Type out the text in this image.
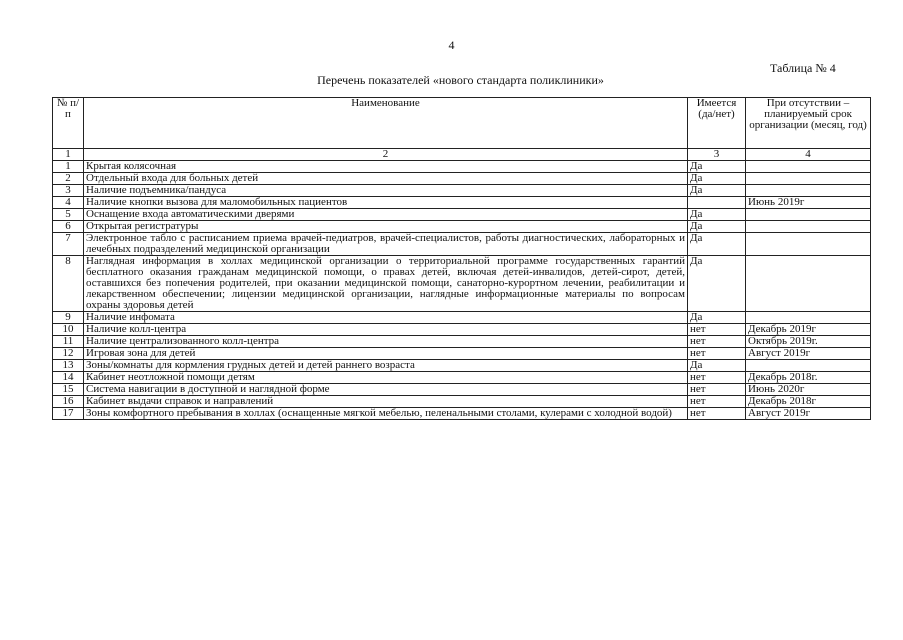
4
Таблица № 4
Перечень показателей «нового стандарта поликлиники»
№ п/п	Наименование	Имеется (да/нет)	При отсутствии – планируемый срок организации (месяц, год)
1	2	3	4
1	Крытая колясочная	Да	
2	Отдельный входа для больных детей	Да	
3	Наличие подъемника/пандуса	Да	
4	Наличие кнопки вызова для маломобильных пациентов		Июнь 2019г
5	Оснащение входа автоматическими дверями	Да	
6	Открытая регистратуры	Да	
7	Электронное табло с расписанием приема врачей-педиатров, врачей-специалистов, работы диагностических, лабораторных и лечебных подразделений медицинской организации	Да	
8	Наглядная информация в холлах медицинской организации о территориальной программе государственных гарантий бесплатного оказания гражданам медицинской помощи, о правах детей, включая детей-инвалидов, детей-сирот, детей, оставшихся без попечения родителей, при оказании медицинской помощи, санаторно-курортном лечении, реабилитации и лекарственном обеспечении; лицензии медицинской организации, наглядные информационные материалы по вопросам охраны здоровья детей	Да	
9	Наличие инфомата	Да	
10	Наличие колл-центра	нет	Декабрь 2019г
11	Наличие централизованного колл-центра	нет	Октябрь 2019г.
12	Игровая зона для детей	нет	Август 2019г
13	Зоны/комнаты для кормления грудных детей и детей раннего возраста	Да	
14	Кабинет неотложной помощи детям	нет	Декабрь 2018г.
15	Система навигации в доступной и наглядной форме	нет	Июнь 2020г
16	Кабинет выдачи справок и направлений	нет	Декабрь 2018г
17	Зоны комфортного пребывания в холлах (оснащенные мягкой мебелью, пеленальными столами, кулерами с холодной водой)	нет	Август 2019г
